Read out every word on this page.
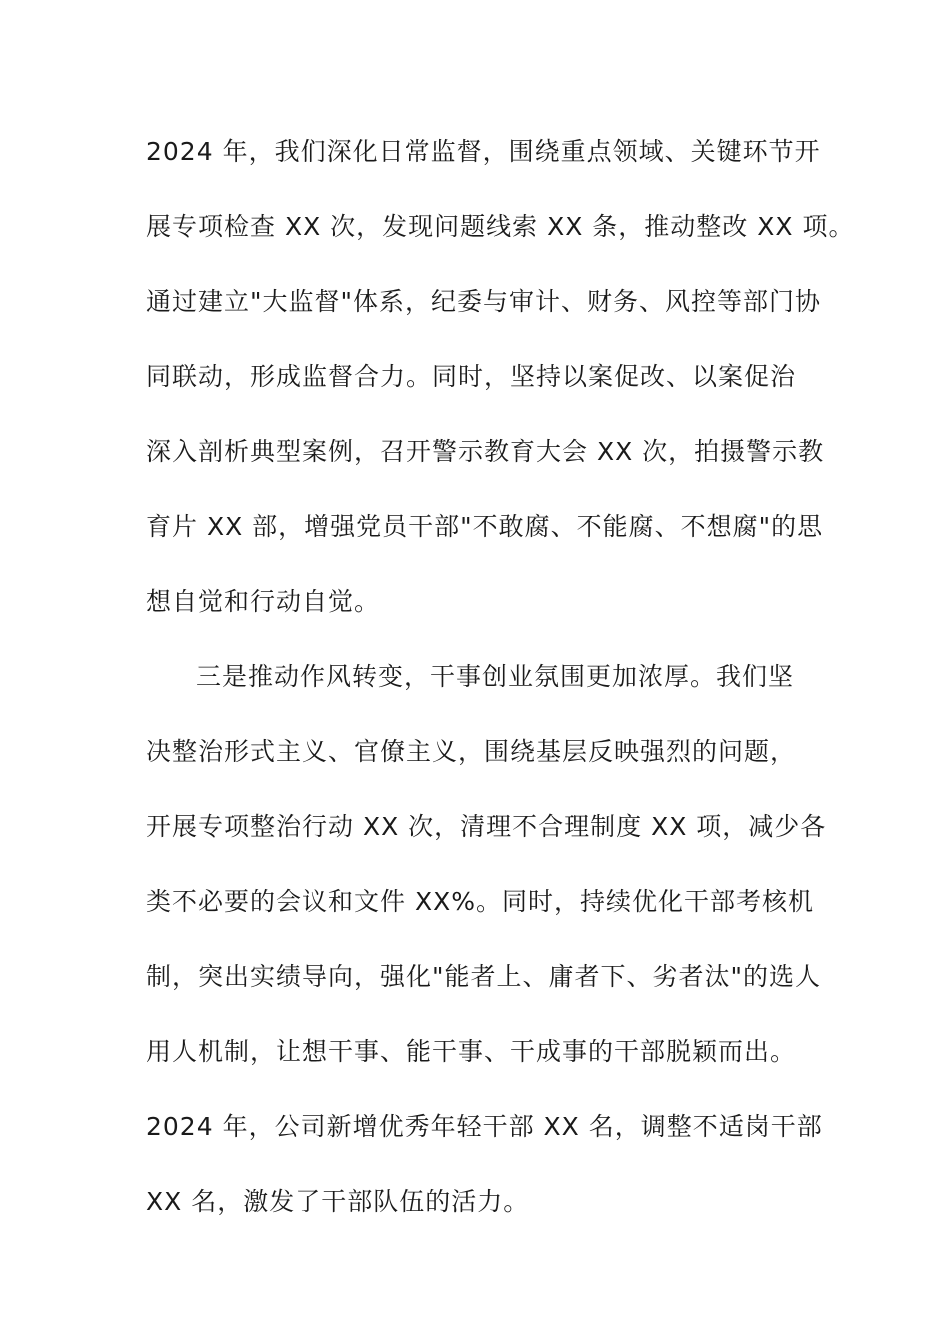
2024 年，我们深化日常监督，围绕重点领域、关键环节开
展专项检查 XX 次，发现问题线索 XX 条，推动整改 XX 项。
通过建立"大监督"体系，纪委与审计、财务、风控等部门协
同联动，形成监督合力。同时，坚持以案促改、以案促治
深入剖析典型案例，召开警示教育大会 XX 次，拍摄警示教
育片 XX 部，增强党员干部"不敢腐、不能腐、不想腐"的思
想自觉和行动自觉。
三是推动作风转变，干事创业氛围更加浓厚。我们坚
决整治形式主义、官僚主义，围绕基层反映强烈的问题，
开展专项整治行动 XX 次，清理不合理制度 XX 项，减少各
类不必要的会议和文件 XX%。同时，持续优化干部考核机
制，突出实绩导向，强化"能者上、庸者下、劣者汰"的选人
用人机制，让想干事、能干事、干成事的干部脱颖而出。
2024 年，公司新增优秀年轻干部 XX 名，调整不适岗干部
XX 名，激发了干部队伍的活力。
